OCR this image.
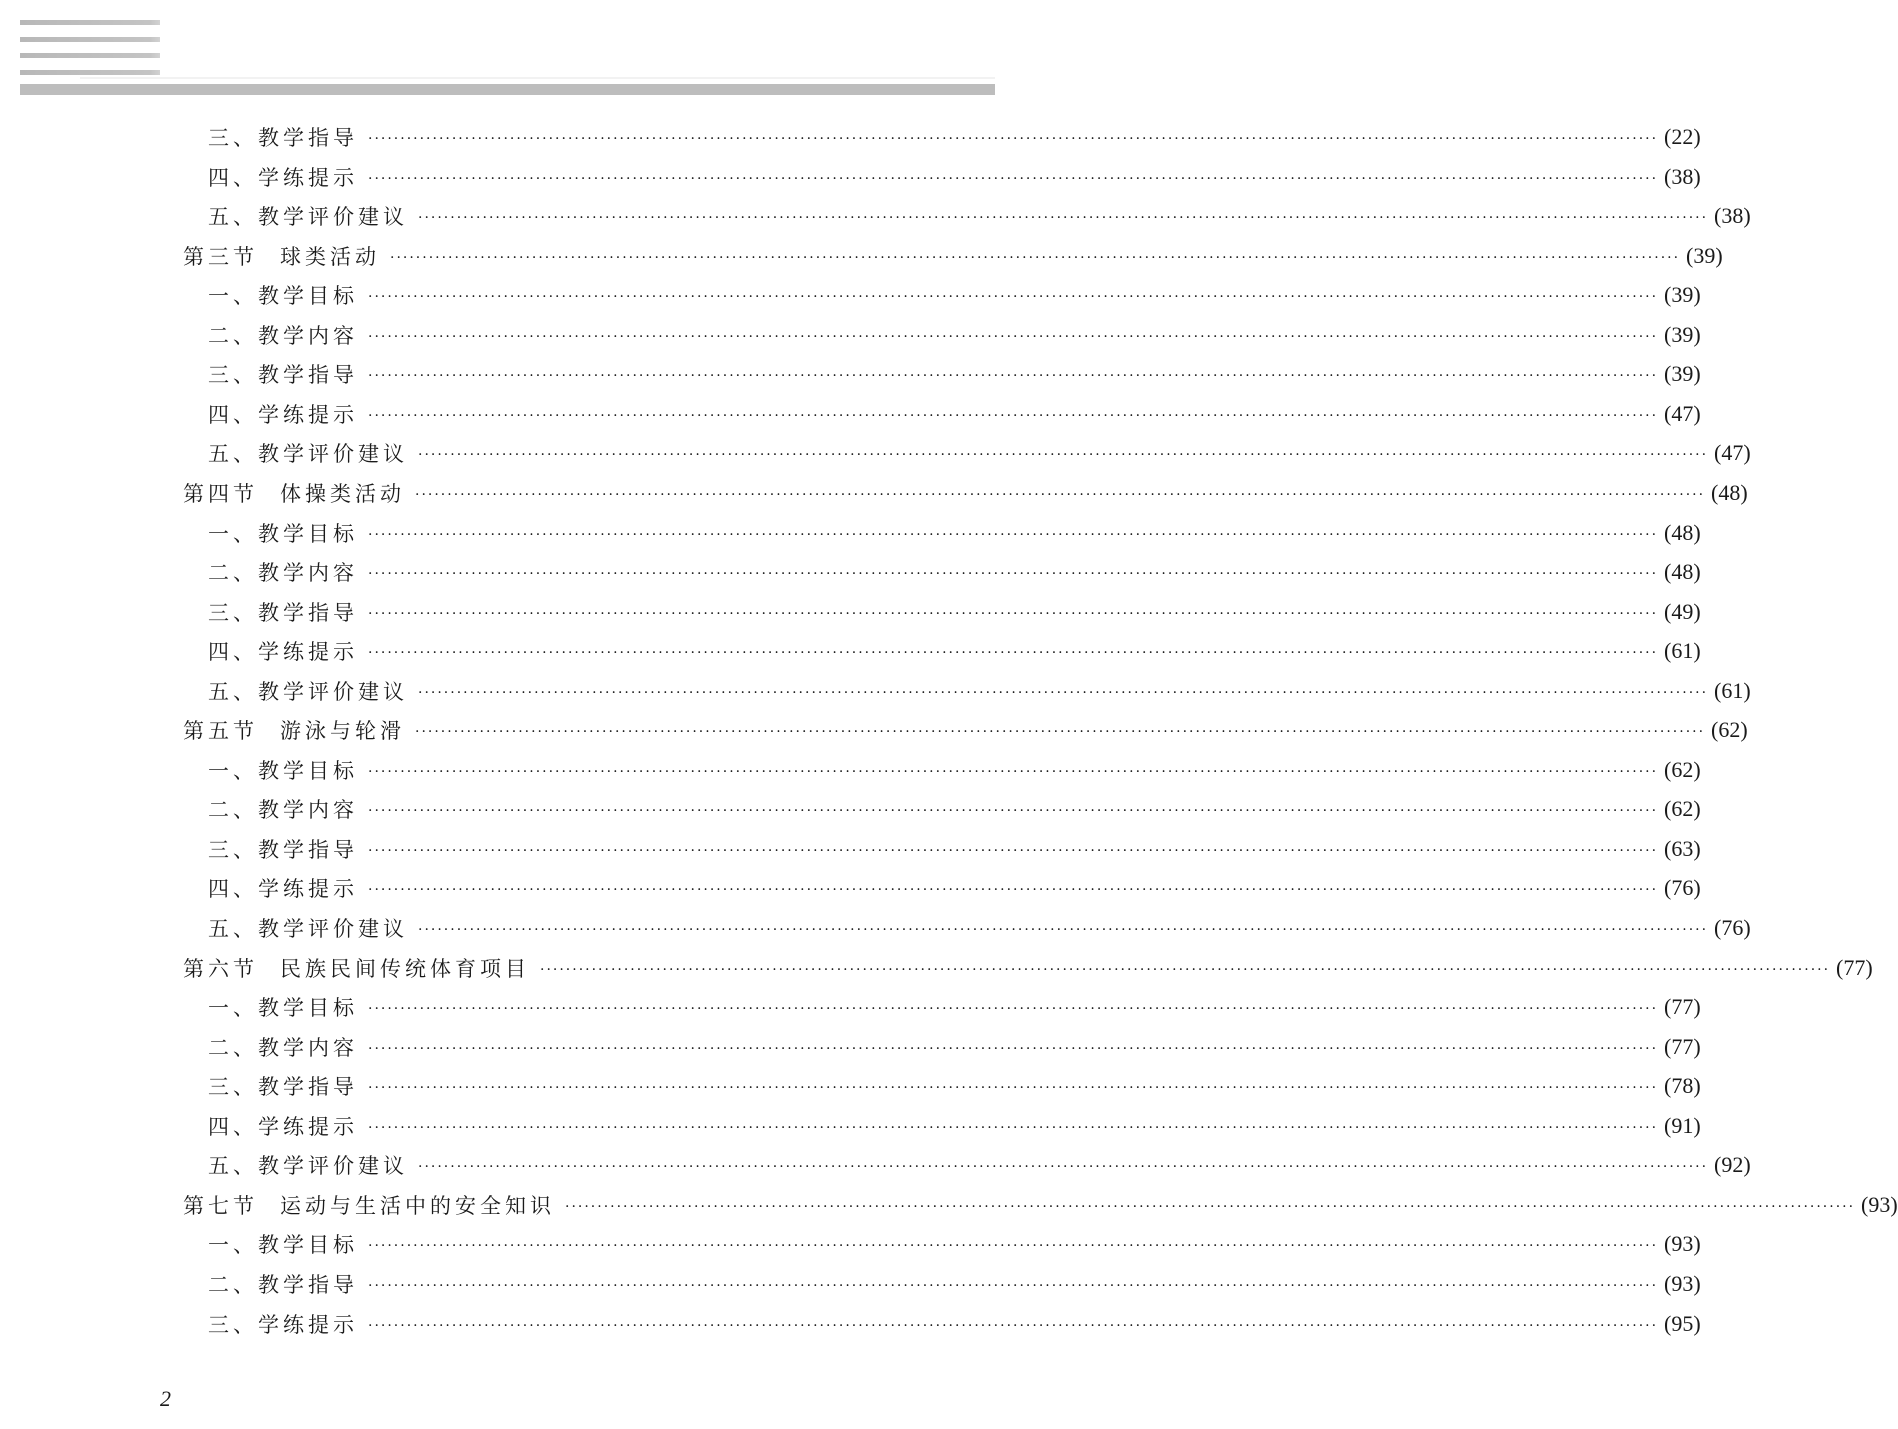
三、教学指导 ········································································································································································································ ( 22 )
四、学练提示 ········································································································································································································ ( 38 )
五、教学评价建议 ········································································································································································································ ( 38 )
第三节 球类活动 ········································································································································································································ ( 39 )
一、教学目标 ········································································································································································································ ( 39 )
二、教学内容 ········································································································································································································ ( 39 )
三、教学指导 ········································································································································································································ ( 39 )
四、学练提示 ········································································································································································································ ( 47 )
五、教学评价建议 ········································································································································································································ ( 47 )
第四节 体操类活动 ········································································································································································································ ( 48 )
一、教学目标 ········································································································································································································ ( 48 )
二、教学内容 ········································································································································································································ ( 48 )
三、教学指导 ········································································································································································································ ( 49 )
四、学练提示 ········································································································································································································ ( 61 )
五、教学评价建议 ········································································································································································································ ( 61 )
第五节 游泳与轮滑 ········································································································································································································ ( 62 )
一、教学目标 ········································································································································································································ ( 62 )
二、教学内容 ········································································································································································································ ( 62 )
三、教学指导 ········································································································································································································ ( 63 )
四、学练提示 ········································································································································································································ ( 76 )
五、教学评价建议 ········································································································································································································ ( 76 )
第六节 民族民间传统体育项目 ········································································································································································································ ( 77 )
一、教学目标 ········································································································································································································ ( 77 )
二、教学内容 ········································································································································································································ ( 77 )
三、教学指导 ········································································································································································································ ( 78 )
四、学练提示 ········································································································································································································ ( 91 )
五、教学评价建议 ········································································································································································································ ( 92 )
第七节 运动与生活中的安全知识 ········································································································································································································ ( 93 )
一、教学目标 ········································································································································································································ ( 93 )
二、教学指导 ········································································································································································································ ( 93 )
三、学练提示 ········································································································································································································ ( 95 )
2
